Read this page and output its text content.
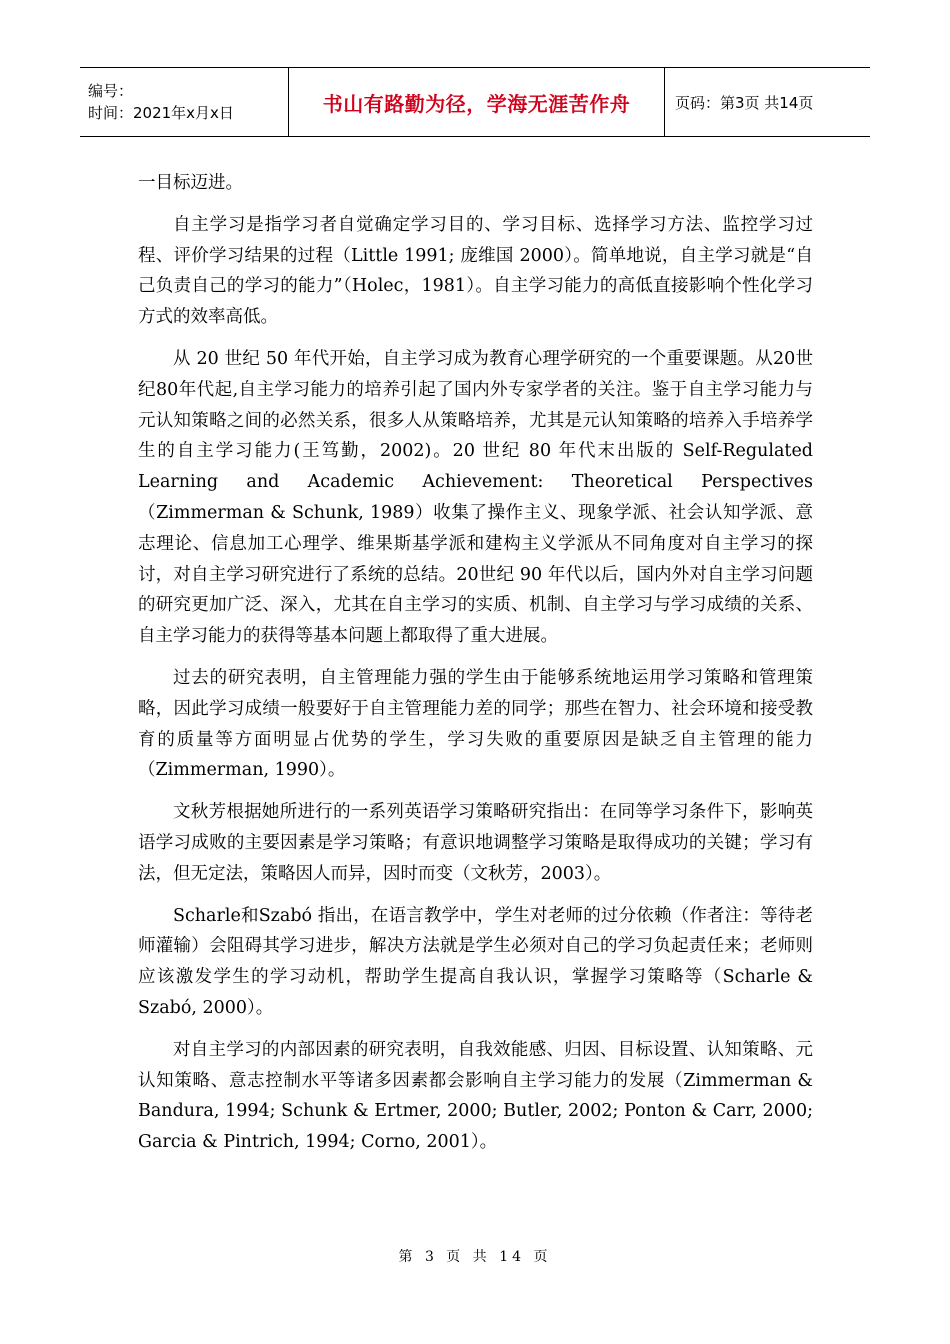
编号：
时间：2021年x月x日	书山有路勤为径，学海无涯苦作舟	页码：第3页 共14页

一目标迈进。

自主学习是指学习者自觉确定学习目的、学习目标、选择学习方法、监控学习过程、评价学习结果的过程（Little 1991; 庞维国 2000）。简单地说，自主学习就是“自己负责自己的学习的能力”（Holec，1981）。自主学习能力的高低直接影响个性化学习方式的效率高低。

从 20 世纪 50 年代开始，自主学习成为教育心理学研究的一个重要课题。从20世纪80年代起,自主学习能力的培养引起了国内外专家学者的关注。鉴于自主学习能力与元认知策略之间的必然关系，很多人从策略培养，尤其是元认知策略的培养入手培养学生的自主学习能力(王笃勤，2002)。20 世纪 80 年代末出版的 Self-Regulated Learning and Academic Achievement: Theoretical Perspectives（Zimmerman & Schunk, 1989）收集了操作主义、现象学派、社会认知学派、意志理论、信息加工心理学、维果斯基学派和建构主义学派从不同角度对自主学习的探讨，对自主学习研究进行了系统的总结。20世纪 90 年代以后，国内外对自主学习问题的研究更加广泛、深入，尤其在自主学习的实质、机制、自主学习与学习成绩的关系、自主学习能力的获得等基本问题上都取得了重大进展。

过去的研究表明，自主管理能力强的学生由于能够系统地运用学习策略和管理策略，因此学习成绩一般要好于自主管理能力差的同学；那些在智力、社会环境和接受教育的质量等方面明显占优势的学生，学习失败的重要原因是缺乏自主管理的能力（Zimmerman, 1990）。

文秋芳根据她所进行的一系列英语学习策略研究指出：在同等学习条件下，影响英语学习成败的主要因素是学习策略；有意识地调整学习策略是取得成功的关键；学习有法，但无定法，策略因人而异，因时而变（文秋芳，2003）。

Scharle和Szabó 指出，在语言教学中，学生对老师的过分依赖（作者注：等待老师灌输）会阻碍其学习进步，解决方法就是学生必须对自己的学习负起责任来；老师则应该激发学生的学习动机，帮助学生提高自我认识，掌握学习策略等（Scharle & Szabó, 2000）。

对自主学习的内部因素的研究表明，自我效能感、归因、目标设置、认知策略、元认知策略、意志控制水平等诸多因素都会影响自主学习能力的发展（Zimmerman & Bandura, 1994; Schunk & Ertmer, 2000; Butler, 2002; Ponton & Carr, 2000; Garcia & Pintrich, 1994; Corno, 2001）。

第 3 页 共 14 页
